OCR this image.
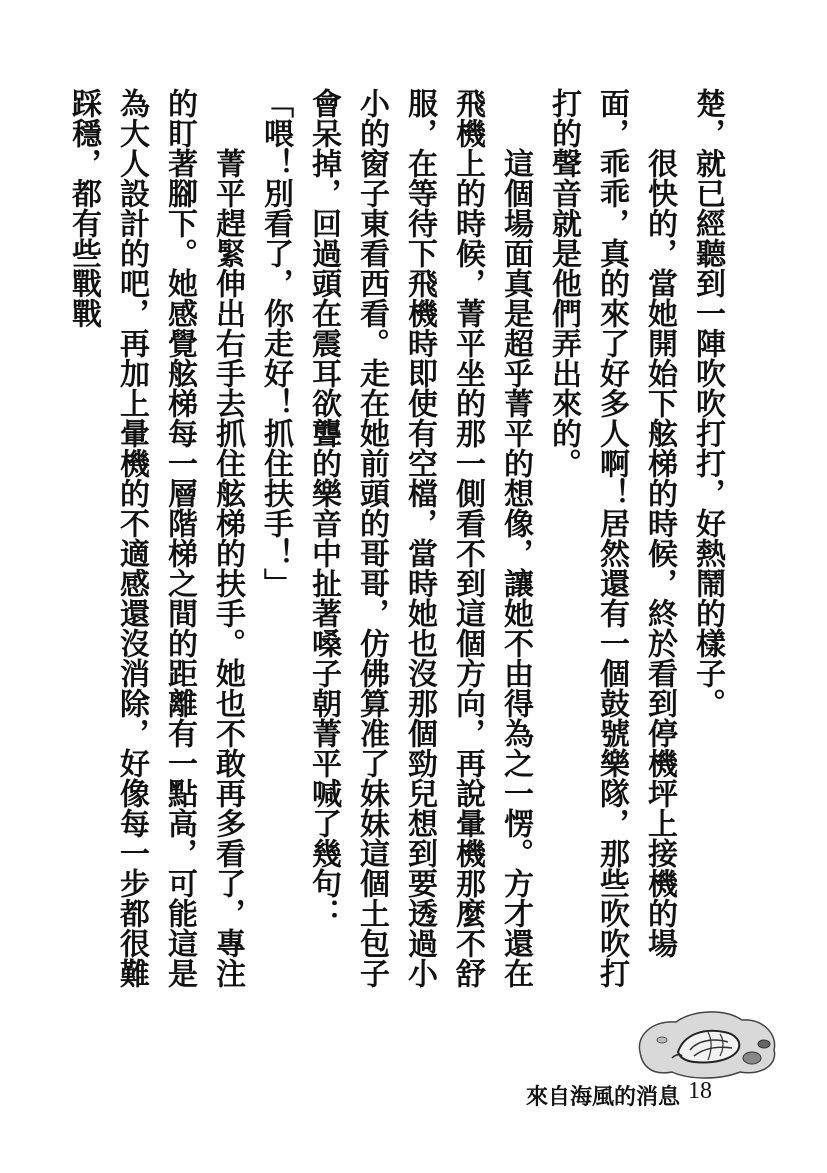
楚，就已經聽到一陣吹吹打打，好熱鬧的樣子。

很快的，當她開始下舷梯的時候，終於看到停機坪上接機的場面，乖乖，真的來了好多人啊！居然還有一個鼓號樂隊，那些吹吹打打的聲音就是他們弄出來的。

這個場面真是超乎菁平的想像，讓她不由得為之一愣。方才還在飛機上的時候，菁平坐的那一側看不到這個方向，再說暈機那麼不舒服，在等待下飛機時即使有空檔，當時她也沒那個勁兒想到要透過小小的窗子東看西看。走在她前頭的哥哥，仿佛算准了妹妹這個土包子會呆掉，回過頭在震耳欲聾的樂音中扯著嗓子朝菁平喊了幾句：「喂！別看了，你走好！抓住扶手！」

菁平趕緊伸出右手去抓住舷梯的扶手。她也不敢再多看了，專注的盯著腳下。她感覺舷梯每一層階梯之間的距離有一點高，可能這是為大人設計的吧，再加上暈機的不適感還沒消除，好像每一步都很難踩穩，都有些戰戰

來自海風的消息 18
